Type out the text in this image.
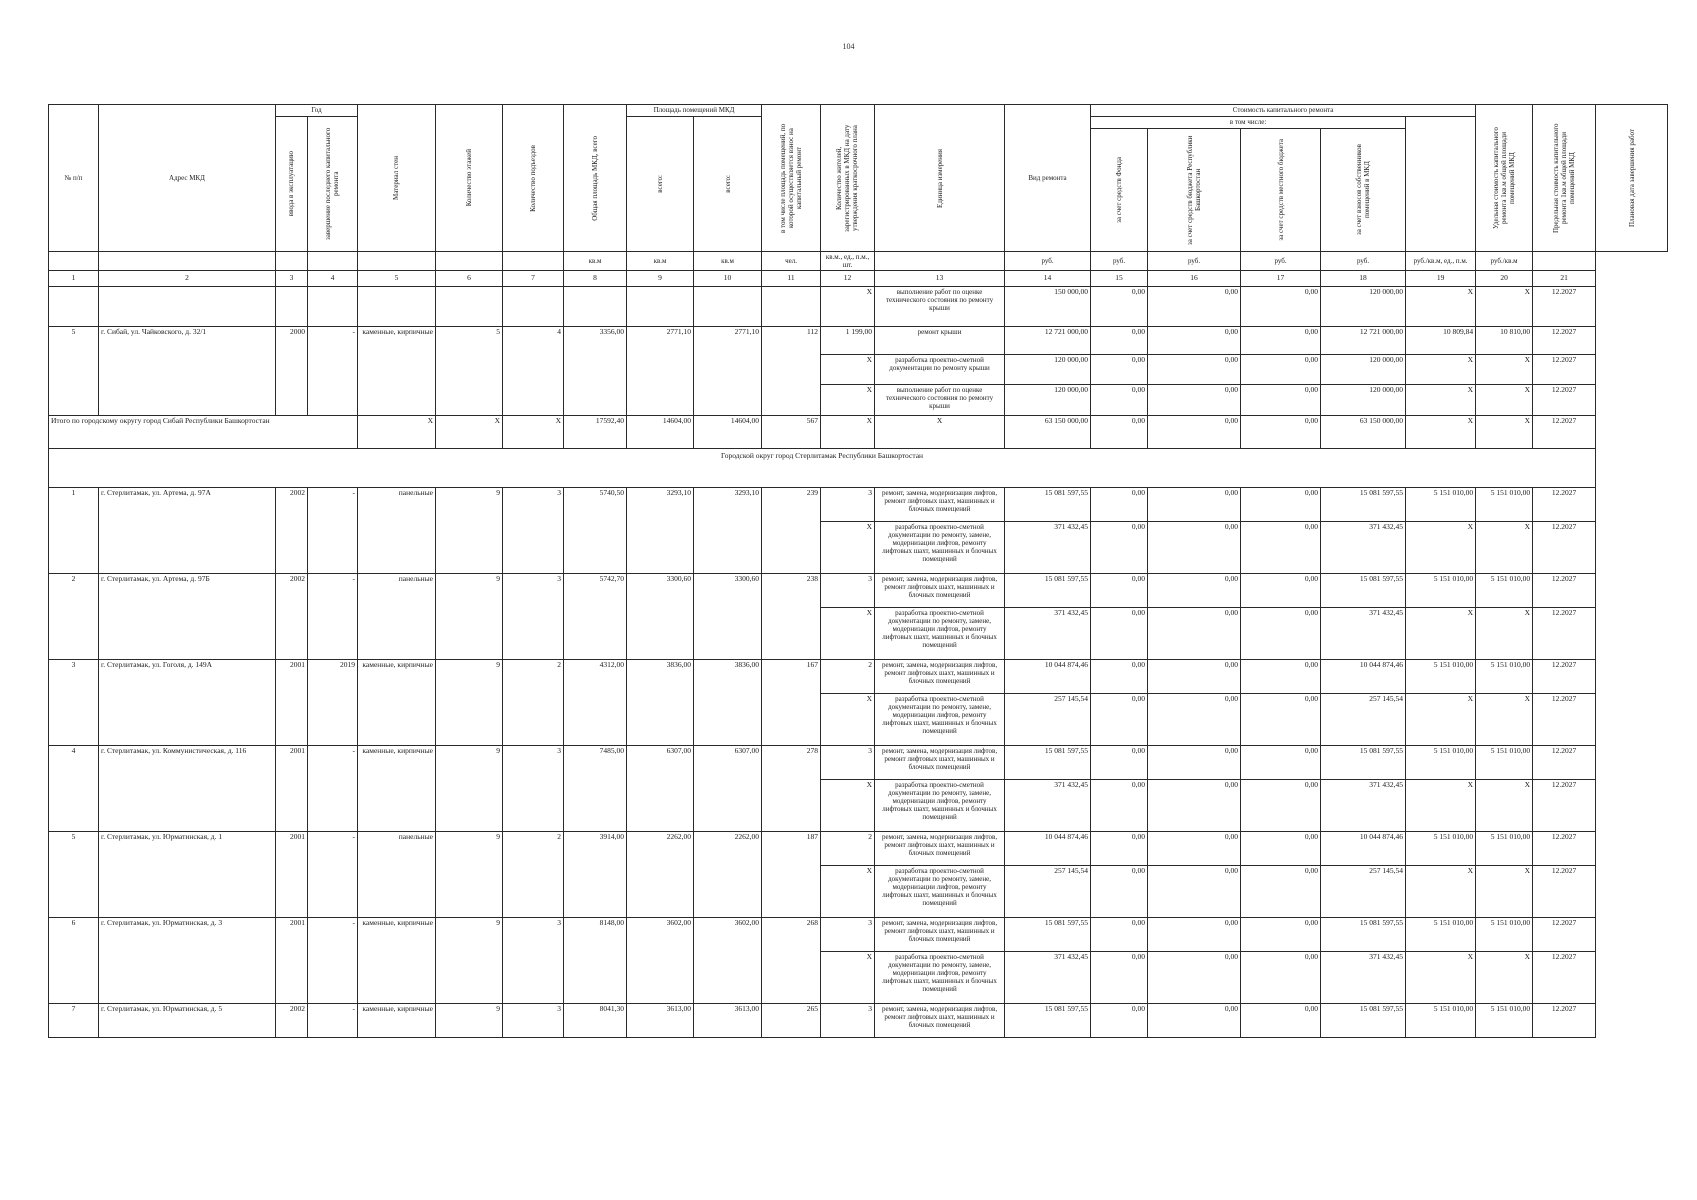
104
№ п/п	Адрес МКД	Год		Материал стен	Количество этажей	Количество подъездов	Общая площадь МКД, всего	Площадь помещений МКД		в том числе площадь помещений, по которой осуществляется взнос на капитальный ремонт	Количество жителей, зарегистрированных в МКД на дату утверждения краткосрочного плана	Единица измерения	Вид ремонта	Стоимость капитального ремонта					Удельная стоимость капитального ремонта 1кв.м общей площади помещений МКД	Предельная стоимость капитального ремонта 1кв.м общей площади помещений МКД	Плановая дата завершения работ

		ввода в эксплуатацию	завершение последнего капитального ремонта					всего:	всего:					в том числе:							

														за счет средств Фонда	за счет средств бюджета Республики Башкортостан	за счет средств местного бюджета	за счет взносов собственников помещений в МКД				

							кв.м	кв.м	кв.м	чел.	кв.м., ед., п.м., шт.		руб.	руб.	руб.	руб.	руб.	руб./кв.м, ед., п.м.	руб./кв.м		
1	2	3	4	5	6	7	8	9	10	11	12	13	14	15	16	17	18	19	20	21	
											X	выполнение работ по оценке технического состояния по ремонту крыши	150 000,00	0,00	0,00	0,00	120 000,00	X	X	12.2027	
5	г. Сибай, ул. Чайковского, д. 32/1	2000	-	каменные, кирпичные	5	4	3356,00	2771,10	2771,10	112	1 199,00	ремонт крыши	12 721 000,00	0,00	0,00	0,00	12 721 000,00	10 809,84	10 810,00	12.2027	
											X	разработка проектно-сметной документации по ремонту крыши	120 000,00	0,00	0,00	0,00	120 000,00	X	X	12.2027	
											X	выполнение работ по оценке технического состояния по ремонту крыши	120 000,00	0,00	0,00	0,00	120 000,00	X	X	12.2027	
Итого по городскому округу город Сибай Республики Башкортостан				X	X	X	17592,40	14604,00	14604,00	567	X	X	63 150 000,00	0,00	0,00	0,00	63 150 000,00	X	X	12.2027	
Городской округ город Стерлитамак Республики Башкортостан																					
1	г. Стерлитамак, ул. Артема, д. 97А	2002	-	панельные	9	3	5740,50	3293,10	3293,10	239	3	ремонт, замена, модернизация лифтов, ремонт лифтовых шахт, машинных и блочных помещений	15 081 597,55	0,00	0,00	0,00	15 081 597,55	5 151 010,00	5 151 010,00	12.2027	
											X	разработка проектно-сметной документации по ремонту, замене, модернизации лифтов, ремонту лифтовых шахт, машинных и блочных помещений	371 432,45	0,00	0,00	0,00	371 432,45	X	X	12.2027	
2	г. Стерлитамак, ул. Артема, д. 97Б	2002	-	панельные	9	3	5742,70	3300,60	3300,60	238	3	ремонт, замена, модернизация лифтов, ремонт лифтовых шахт, машинных и блочных помещений	15 081 597,55	0,00	0,00	0,00	15 081 597,55	5 151 010,00	5 151 010,00	12.2027	
											X	разработка проектно-сметной документации по ремонту, замене, модернизации лифтов, ремонту лифтовых шахт, машинных и блочных помещений	371 432,45	0,00	0,00	0,00	371 432,45	X	X	12.2027	
3	г. Стерлитамак, ул. Гоголя, д. 149А	2001	2019	каменные, кирпичные	9	2	4312,00	3836,00	3836,00	167	2	ремонт, замена, модернизация лифтов, ремонт лифтовых шахт, машинных и блочных помещений	10 044 874,46	0,00	0,00	0,00	10 044 874,46	5 151 010,00	5 151 010,00	12.2027	
											X	разработка проектно-сметной документации по ремонту, замене, модернизации лифтов, ремонту лифтовых шахт, машинных и блочных помещений	257 145,54	0,00	0,00	0,00	257 145,54	X	X	12.2027	
4	г. Стерлитамак, ул. Коммунистическая, д. 116	2001	-	каменные, кирпичные	9	3	7485,00	6307,00	6307,00	278	3	ремонт, замена, модернизация лифтов, ремонт лифтовых шахт, машинных и блочных помещений	15 081 597,55	0,00	0,00	0,00	15 081 597,55	5 151 010,00	5 151 010,00	12.2027	
											X	разработка проектно-сметной документации по ремонту, замене, модернизации лифтов, ремонту лифтовых шахт, машинных и блочных помещений	371 432,45	0,00	0,00	0,00	371 432,45	X	X	12.2027	
5	г. Стерлитамак, ул. Юрматинская, д. 1	2001	-	панельные	9	2	3914,00	2262,00	2262,00	187	2	ремонт, замена, модернизация лифтов, ремонт лифтовых шахт, машинных и блочных помещений	10 044 874,46	0,00	0,00	0,00	10 044 874,46	5 151 010,00	5 151 010,00	12.2027	
											X	разработка проектно-сметной документации по ремонту, замене, модернизации лифтов, ремонту лифтовых шахт, машинных и блочных помещений	257 145,54	0,00	0,00	0,00	257 145,54	X	X	12.2027	
6	г. Стерлитамак, ул. Юрматинская, д. 3	2001	-	каменные, кирпичные	9	3	8148,00	3602,00	3602,00	268	3	ремонт, замена, модернизация лифтов, ремонт лифтовых шахт, машинных и блочных помещений	15 081 597,55	0,00	0,00	0,00	15 081 597,55	5 151 010,00	5 151 010,00	12.2027	
											X	разработка проектно-сметной документации по ремонту, замене, модернизации лифтов, ремонту лифтовых шахт, машинных и блочных помещений	371 432,45	0,00	0,00	0,00	371 432,45	X	X	12.2027	
7	г. Стерлитамак, ул. Юрматинская, д. 5	2002	-	каменные, кирпичные	9	3	8041,30	3613,00	3613,00	265	3	ремонт, замена, модернизация лифтов, ремонт лифтовых шахт, машинных и блочных помещений	15 081 597,55	0,00	0,00	0,00	15 081 597,55	5 151 010,00	5 151 010,00	12.2027	
